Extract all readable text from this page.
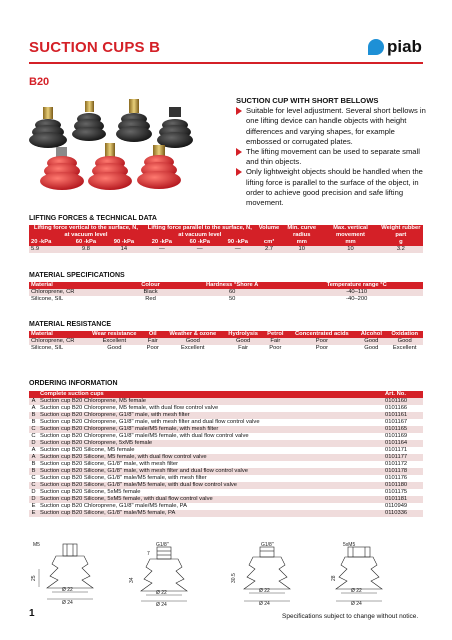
SUCTION CUPS B	piab
B20
SUCTION CUP WITH SHORT BELLOWS

Suitable for level adjustment. Several short bellows in one lifting device can handle objects with height differences and varying shapes, for example embossed or corrugated plates.

The lifting movement can be used to separate small and thin objects.

Only lightweight objects should be handled when the lifting force is parallel to the surface of the object, in order to achieve good precision and safe lifting movement.

LIFTING FORCES & TECHNICAL DATA
Lifting force vertical to the surface, N, at vacuum level			Lifting force parallel to the surface, N, at vacuum level			Volume	Min. curve radius	Max. vertical movement	Weight rubber part
20 -kPa	60 -kPa	90 -kPa	20 -kPa	60 -kPa	90 -kPa	cm³	mm	mm	g
5.9	9.8	14	—	—	—	2.7	10	10	3.2
MATERIAL SPECIFICATIONS
Material	Colour	Hardness °Shore A	Temperature range °C
Chloroprene, CR	Black	60	-40–110
Silicone, SIL	Red	50	-40–200
MATERIAL RESISTANCE
Material	Wear resistance	Oil	Weather & ozone	Hydrolysis	Petrol	Concentrated acids	Alcohol	Oxidation
Chloroprene, CR	Excellent	Fair	Good	Good	Fair	Poor	Good	Good
Silicone, SIL	Good	Poor	Excellent	Fair	Poor	Poor	Good	Excellent
ORDERING INFORMATION
	Complete suction cups	Art. No.
A	Suction cup B20 Chloroprene, M5 female	0101160
A	Suction cup B20 Chloroprene, M5 female, with dual flow control valve	0101166
B	Suction cup B20 Chloroprene, G1/8" male, with mesh filter	0101161
B	Suction cup B20 Chloroprene, G1/8" male, with mesh filter and dual flow control valve	0101167
C	Suction cup B20 Chloroprene, G1/8" male/M5 female, with mesh filter	0101165
C	Suction cup B20 Chloroprene, G1/8" male/M5 female, with dual flow control valve	0101169
D	Suction cup B20 Chloroprene, 5xM5 female	0101164
A	Suction cup B20 Silicone, M5 female	0101171
A	Suction cup B20 Silicone, M5 female, with dual flow control valve	0101177
B	Suction cup B20 Silicone, G1/8" male, with mesh filter	0101172
B	Suction cup B20 Silicone, G1/8" male, with mesh filter and dual flow control valve	0101178
C	Suction cup B20 Silicone, G1/8" male/M5 female, with mesh filter	0101176
C	Suction cup B20 Silicone, G1/8" male/M5 female, with dual flow control valve	0101180
D	Suction cup B20 Silicone, 5xM5 female	0101175
D	Suction cup B20 Silicone, 5xM5 female, with dual flow control valve	0101181
E	Suction cup B20 Chloroprene, G1/8" male/M5 female, PA	0110949
E	Suction cup B20 Silicone, G1/8" male/M5 female, PA	0110336
M5
25
Ø 22
Ø 24
G1/8"
7
34
Ø 22
Ø 24
G1/8"
30.5
Ø 22
Ø 24
5xM5
28
Ø 22
Ø 24
1	Specifications subject to change without notice.
